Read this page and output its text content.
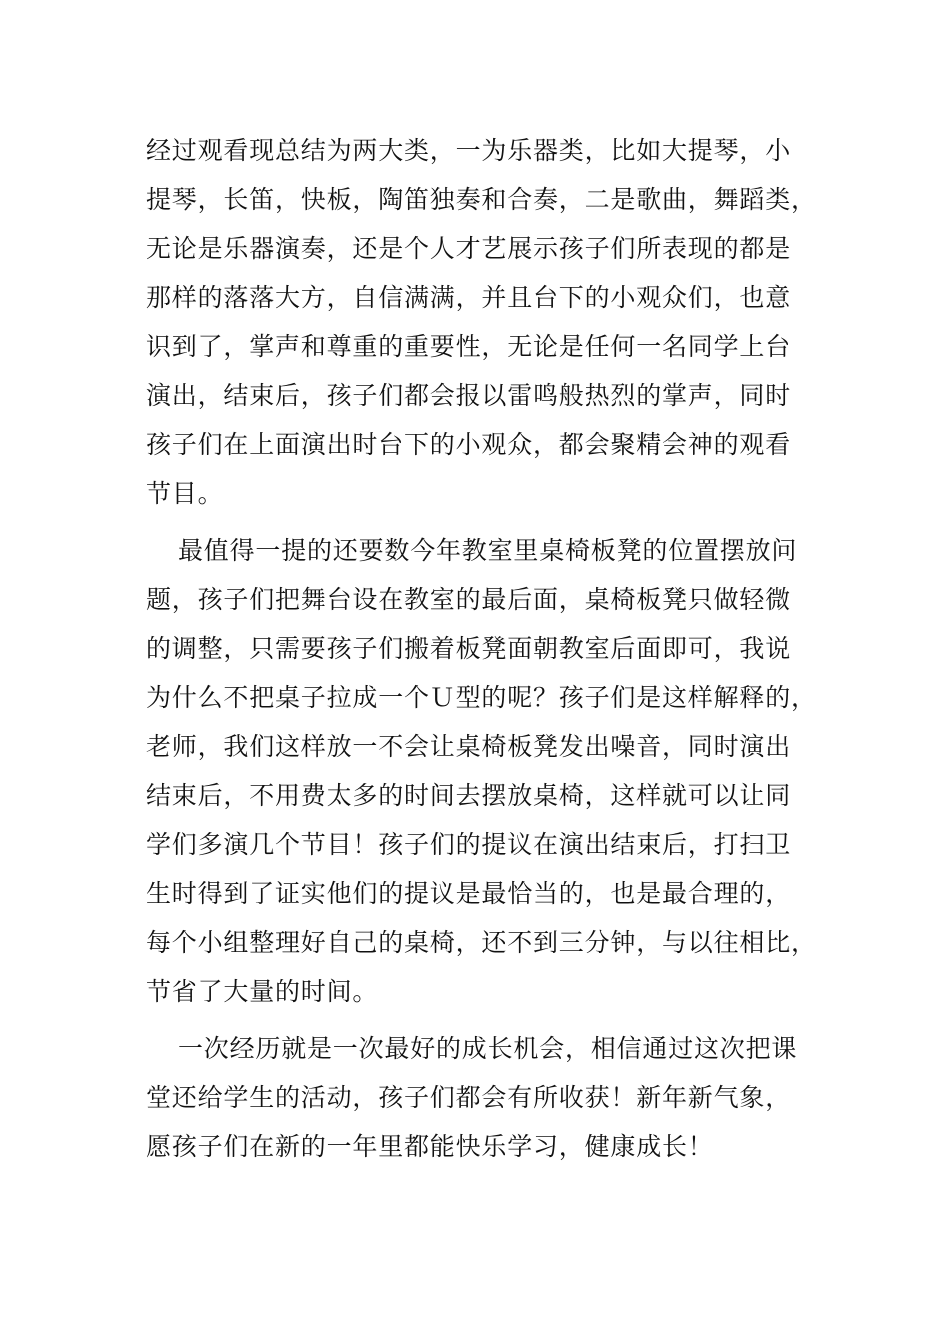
经过观看现总结为两大类，一为乐器类，比如大提琴，小
提琴，长笛，快板，陶笛独奏和合奏，二是歌曲，舞蹈类，
无论是乐器演奏，还是个人才艺展示孩子们所表现的都是
那样的落落大方，自信满满，并且台下的小观众们，也意
识到了，掌声和尊重的重要性，无论是任何一名同学上台
演出，结束后，孩子们都会报以雷鸣般热烈的掌声，同时
孩子们在上面演出时台下的小观众，都会聚精会神的观看
节目。
最值得一提的还要数今年教室里桌椅板凳的位置摆放问
题，孩子们把舞台设在教室的最后面，桌椅板凳只做轻微
的调整，只需要孩子们搬着板凳面朝教室后面即可，我说
为什么不把桌子拉成一个Ｕ型的呢？孩子们是这样解释的，
老师，我们这样放一不会让桌椅板凳发出噪音，同时演出
结束后，不用费太多的时间去摆放桌椅，这样就可以让同
学们多演几个节目！孩子们的提议在演出结束后，打扫卫
生时得到了证实他们的提议是最恰当的，也是最合理的，
每个小组整理好自己的桌椅，还不到三分钟，与以往相比，
节省了大量的时间。
一次经历就是一次最好的成长机会，相信通过这次把课
堂还给学生的活动，孩子们都会有所收获！新年新气象，
愿孩子们在新的一年里都能快乐学习，健康成长！
